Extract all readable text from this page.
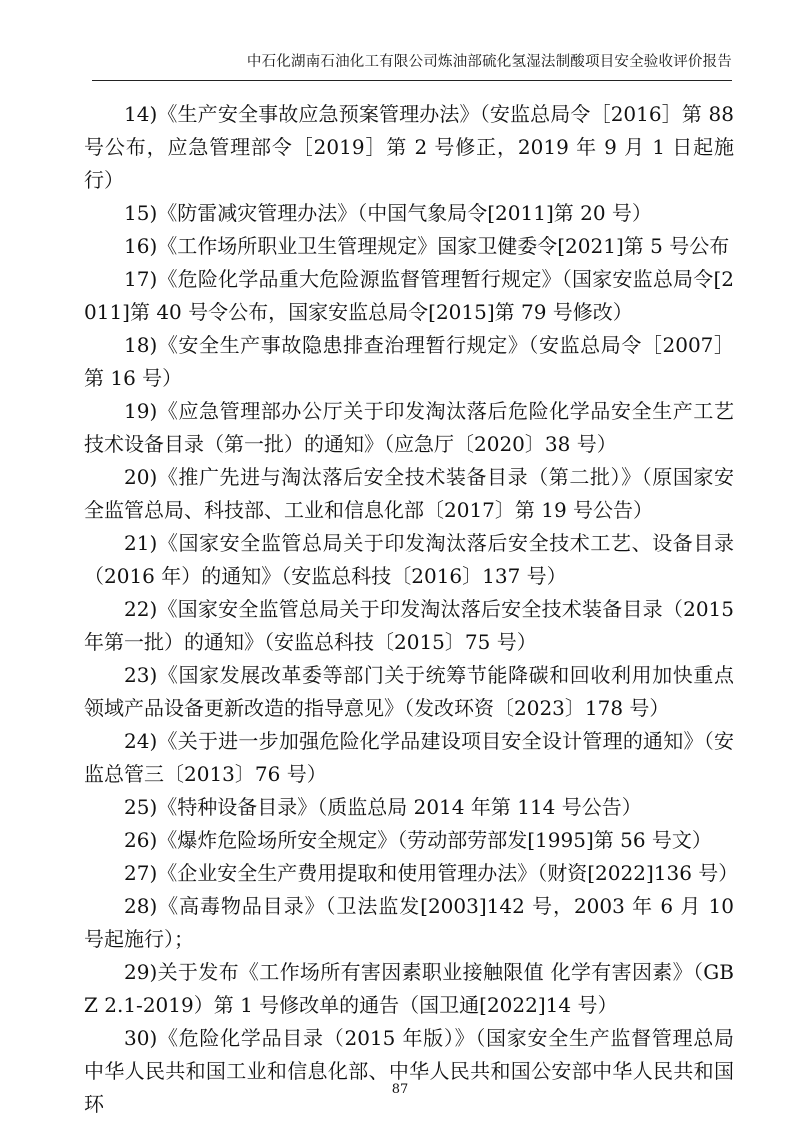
中石化湖南石油化工有限公司炼油部硫化氢湿法制酸项目安全验收评价报告

14)《生产安全事故应急预案管理办法》（安监总局令［2016］第 88 号公布，应急管理部令［2019］第 2 号修正，2019 年 9 月 1 日起施行）

15)《防雷减灾管理办法》（中国气象局令[2011]第 20 号）

16)《工作场所职业卫生管理规定》国家卫健委令[2021]第 5 号公布

17)《危险化学品重大危险源监督管理暂行规定》（国家安监总局令[2011]第 40 号令公布，国家安监总局令[2015]第 79 号修改）

18)《安全生产事故隐患排查治理暂行规定》（安监总局令［2007］第 16 号）

19)《应急管理部办公厅关于印发淘汰落后危险化学品安全生产工艺技术设备目录（第一批）的通知》（应急厅〔2020〕38 号）

20)《推广先进与淘汰落后安全技术装备目录（第二批）》（原国家安全监管总局、科技部、工业和信息化部〔2017〕第 19 号公告）

21)《国家安全监管总局关于印发淘汰落后安全技术工艺、设备目录（2016 年）的通知》（安监总科技〔2016〕137 号）

22)《国家安全监管总局关于印发淘汰落后安全技术装备目录（2015 年第一批）的通知》（安监总科技〔2015〕75 号）

23)《国家发展改革委等部门关于统筹节能降碳和回收利用加快重点领域产品设备更新改造的指导意见》（发改环资〔2023〕178 号）

24)《关于进一步加强危险化学品建设项目安全设计管理的通知》（安监总管三〔2013〕76 号）

25)《特种设备目录》（质监总局 2014 年第 114 号公告）

26)《爆炸危险场所安全规定》（劳动部劳部发[1995]第 56 号文）

27)《企业安全生产费用提取和使用管理办法》（财资[2022]136 号）

28)《高毒物品目录》（卫法监发[2003]142 号，2003 年 6 月 10 号起施行）；

29)关于发布《工作场所有害因素职业接触限值 化学有害因素》（GBZ 2.1-2019）第 1 号修改单的通告（国卫通[2022]14 号）

30)《危险化学品目录（2015 年版）》（国家安全生产监督管理总局中华人民共和国工业和信息化部、中华人民共和国公安部中华人民共和国环

87
